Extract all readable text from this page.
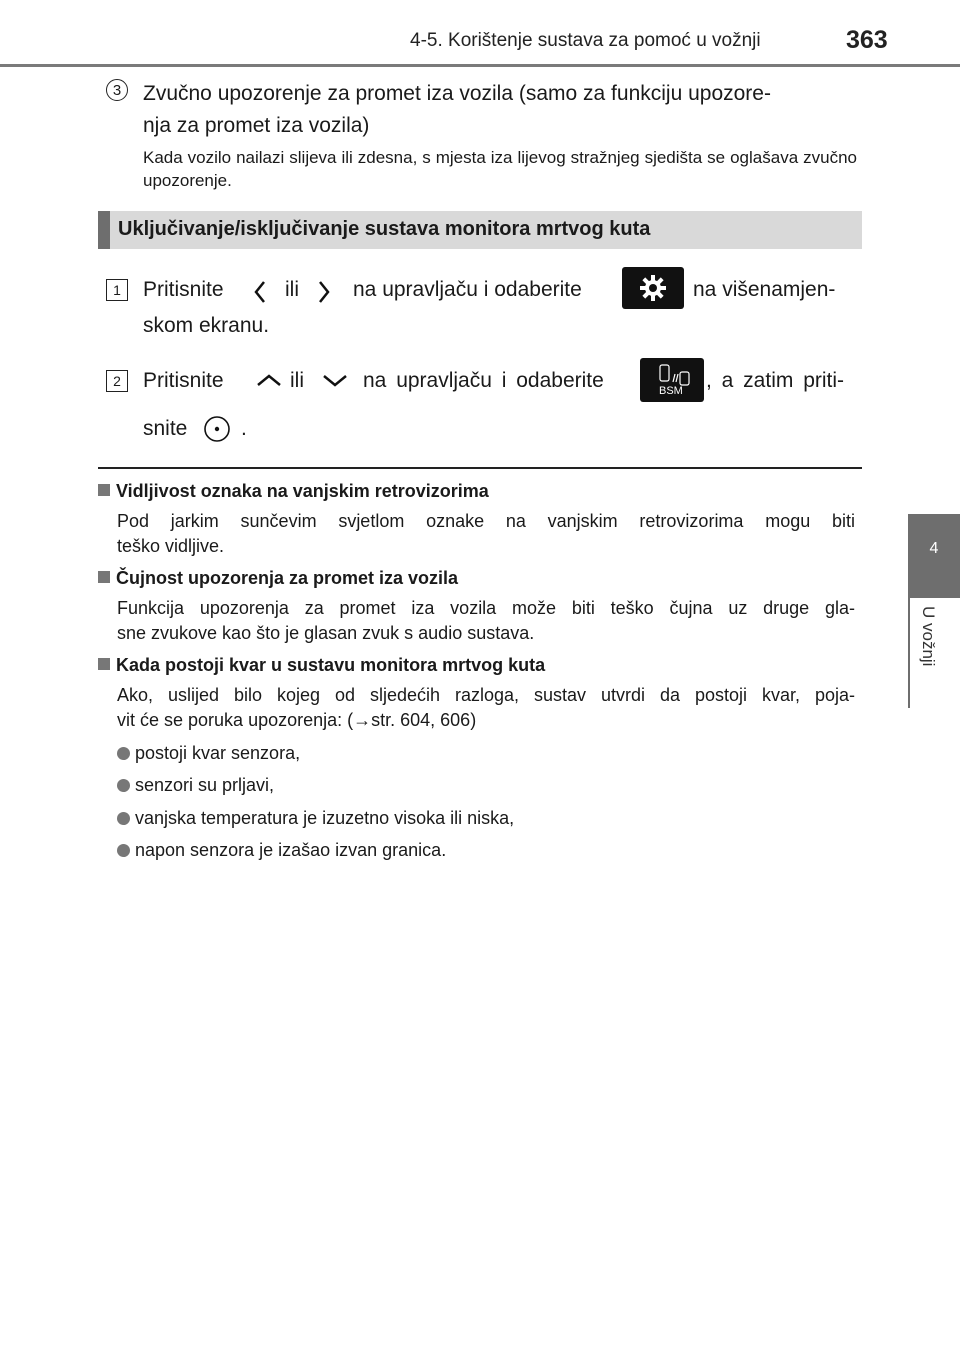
4-5. Korištenje sustava za pomoć u vožnji	363
4
U vožnji
3	Zvučno upozorenje za promet iza vozila (samo za funkciju upozore-
nja za promet iza vozila)
Kada vozilo nailazi slijeva ili zdesna, s mjesta iza lijevog stražnjeg sjedišta se oglašava zvučno upozorenje.
Uključivanje/isključivanje sustava monitora mrtvog kuta
1	Pritisnite	ili	na upravljaču i odaberite	na višenamjen-
skom ekranu.
2	Pritisnite	ili	na upravljaču i odaberite	BSM , a zatim priti-
snite	.
Vidljivost oznaka na vanjskim retrovizorima
Pod jarkim sunčevim svjetlom oznake na vanjskim retrovizorima mogu biti
teško vidljive.
Čujnost upozorenja za promet iza vozila
Funkcija upozorenja za promet iza vozila može biti teško čujna uz druge gla-
sne zvukove kao što je glasan zvuk s audio sustava.
Kada postoji kvar u sustavu monitora mrtvog kuta
Ako, uslijed bilo kojeg od sljedećih razloga, sustav utvrdi da postoji kvar, poja-
vit će se poruka upozorenja: (→str. 604, 606)
postoji kvar senzora,
senzori su prljavi,
vanjska temperatura je izuzetno visoka ili niska,
napon senzora je izašao izvan granica.
